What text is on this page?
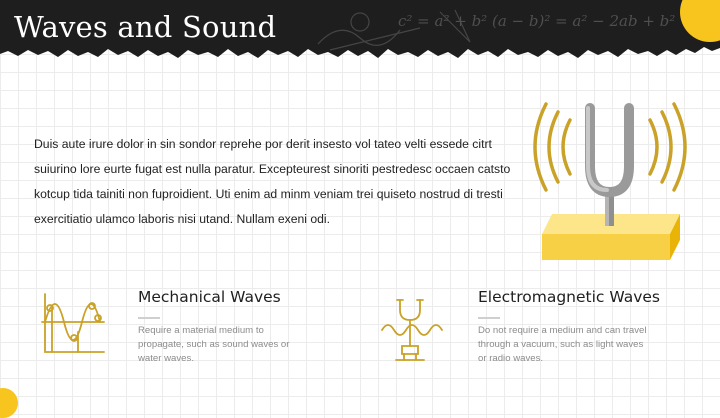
c² = a² + b² (a − b)² = a² − 2ab + b²
Waves and Sound

Duis aute irure dolor in sin sondor reprehe por derit insesto vol tateo velti essede citrt suiurino lore eurte fugat est nulla paratur. Excepteurest sinoriti pestredesc occaen catsto kotcup tida tainiti non fuproidient. Uti enim ad minm veniam trei quiseto nostrud di tresti exercitiatio ulamco laboris nisi utand. Nullam exeni odi.

Mechanical Waves

Require a material medium to propagate, such as sound waves or water waves.

Electromagnetic Waves

Do not require a medium and can travel through a vacuum, such as light waves or radio waves.
